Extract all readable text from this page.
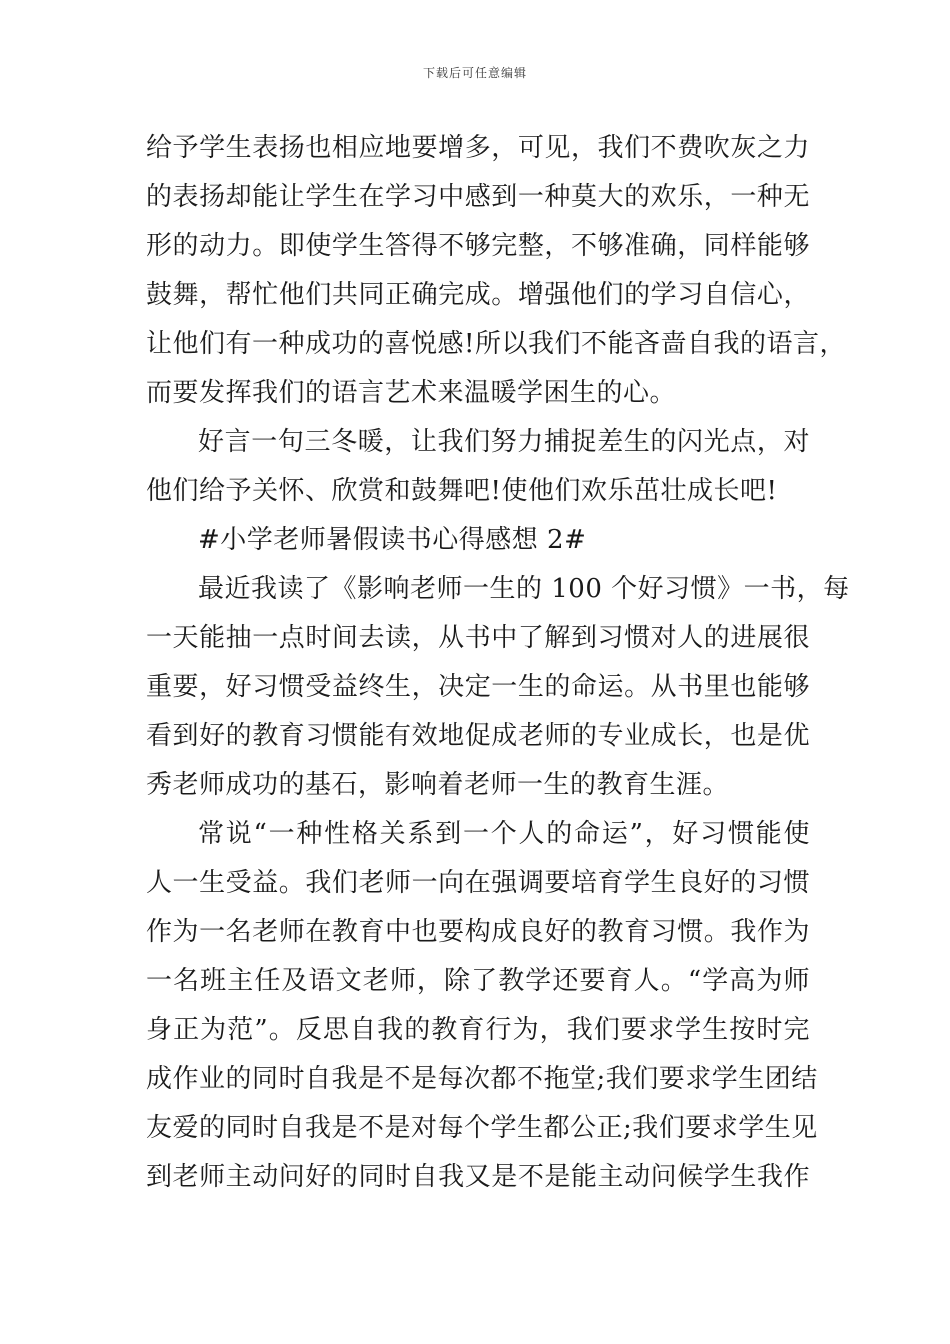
下载后可任意编辑
给予学生表扬也相应地要增多，可见，我们不费吹灰之力
的表扬却能让学生在学习中感到一种莫大的欢乐，一种无
形的动力。即使学生答得不够完整，不够准确，同样能够
鼓舞，帮忙他们共同正确完成。增强他们的学习自信心，
让他们有一种成功的喜悦感!所以我们不能吝啬自我的语言，
而要发挥我们的语言艺术来温暖学困生的心。
好言一句三冬暖，让我们努力捕捉差生的闪光点，对
他们给予关怀、欣赏和鼓舞吧!使他们欢乐茁壮成长吧!
#小学老师暑假读书心得感想 2#
最近我读了《影响老师一生的 100 个好习惯》一书，每
一天能抽一点时间去读，从书中了解到习惯对人的进展很
重要，好习惯受益终生，决定一生的命运。从书里也能够
看到好的教育习惯能有效地促成老师的专业成长，也是优
秀老师成功的基石，影响着老师一生的教育生涯。
常说“一种性格关系到一个人的命运”，好习惯能使
人一生受益。我们老师一向在强调要培育学生良好的习惯
作为一名老师在教育中也要构成良好的教育习惯。我作为
一名班主任及语文老师，除了教学还要育人。“学高为师
身正为范”。反思自我的教育行为，我们要求学生按时完
成作业的同时自我是不是每次都不拖堂;我们要求学生团结
友爱的同时自我是不是对每个学生都公正;我们要求学生见
到老师主动问好的同时自我又是不是能主动问候学生我作
